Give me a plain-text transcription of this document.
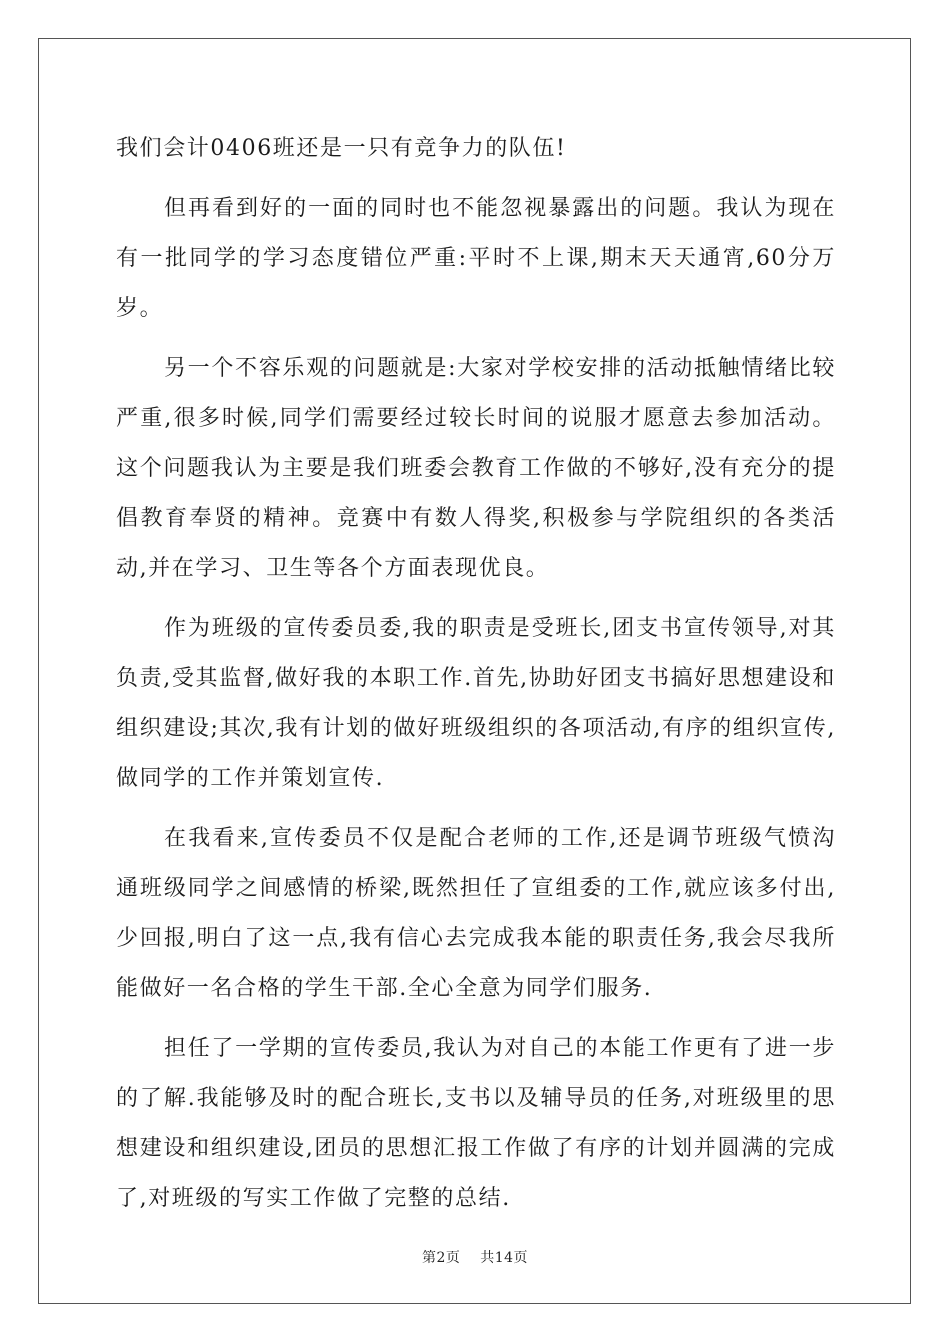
我们会计0406班还是一只有竞争力的队伍!

但再看到好的一面的同时也不能忽视暴露出的问题。我认为现在有一批同学的学习态度错位严重:平时不上课,期末天天通宵,60分万岁。

另一个不容乐观的问题就是:大家对学校安排的活动抵触情绪比较严重,很多时候,同学们需要经过较长时间的说服才愿意去参加活动。这个问题我认为主要是我们班委会教育工作做的不够好,没有充分的提倡教育奉贤的精神。竞赛中有数人得奖,积极参与学院组织的各类活动,并在学习、卫生等各个方面表现优良。

作为班级的宣传委员委,我的职责是受班长,团支书宣传领导,对其负责,受其监督,做好我的本职工作.首先,协助好团支书搞好思想建设和组织建设;其次,我有计划的做好班级组织的各项活动,有序的组织宣传,做同学的工作并策划宣传.

在我看来,宣传委员不仅是配合老师的工作,还是调节班级气愤沟通班级同学之间感情的桥梁,既然担任了宣组委的工作,就应该多付出,少回报,明白了这一点,我有信心去完成我本能的职责任务,我会尽我所能做好一名合格的学生干部.全心全意为同学们服务.

担任了一学期的宣传委员,我认为对自己的本能工作更有了进一步的了解.我能够及时的配合班长,支书以及辅导员的任务,对班级里的思想建设和组织建设,团员的思想汇报工作做了有序的计划并圆满的完成了,对班级的写实工作做了完整的总结.

第2页 共14页
